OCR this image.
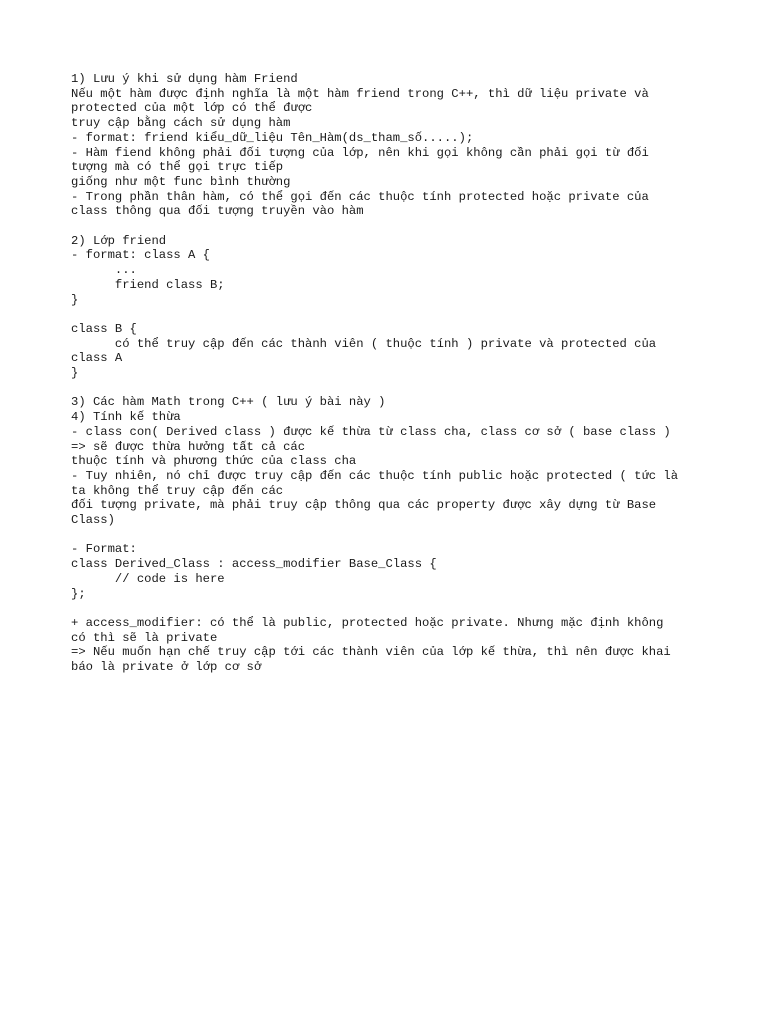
1) Lưu ý khi sử dụng hàm Friend
Nếu một hàm được định nghĩa là một hàm friend trong C++, thì dữ liệu private và
protected của một lớp có thể được
truy cập bằng cách sử dụng hàm
- format: friend kiểu_dữ_liệu Tên_Hàm(ds_tham_số.....);
- Hàm fiend không phải đối tượng của lớp, nên khi gọi không cần phải gọi từ đối
tượng mà có thể gọi trực tiếp
giống như một func bình thường
- Trong phần thân hàm, có thể gọi đến các thuộc tính protected hoặc private của
class thông qua đối tượng truyền vào hàm
2) Lớp friend
- format: class A {
...
friend class B;
}
class B {
có thể truy cập đến các thành viên ( thuộc tính ) private và protected của
class A
}
3) Các hàm Math trong C++ ( lưu ý bài này )
4) Tính kế thừa
- class con( Derived class ) được kế thừa từ class cha, class cơ sở ( base class )
=> sẽ được thừa hưởng tất cả các
thuộc tính và phương thức của class cha
- Tuy nhiên, nó chỉ được truy cập đến các thuộc tính public hoặc protected ( tức là
ta không thể truy cập đến các
đối tượng private, mà phải truy cập thông qua các property được xây dựng từ Base
Class)
- Format:
class Derived_Class : access_modifier Base_Class {
// code is here
};
+ access_modifier: có thể là public, protected hoặc private. Nhưng mặc định không
có thì sẽ là private
=> Nếu muốn hạn chế truy cập tới các thành viên của lớp kế thừa, thì nên được khai
báo là private ở lớp cơ sở
